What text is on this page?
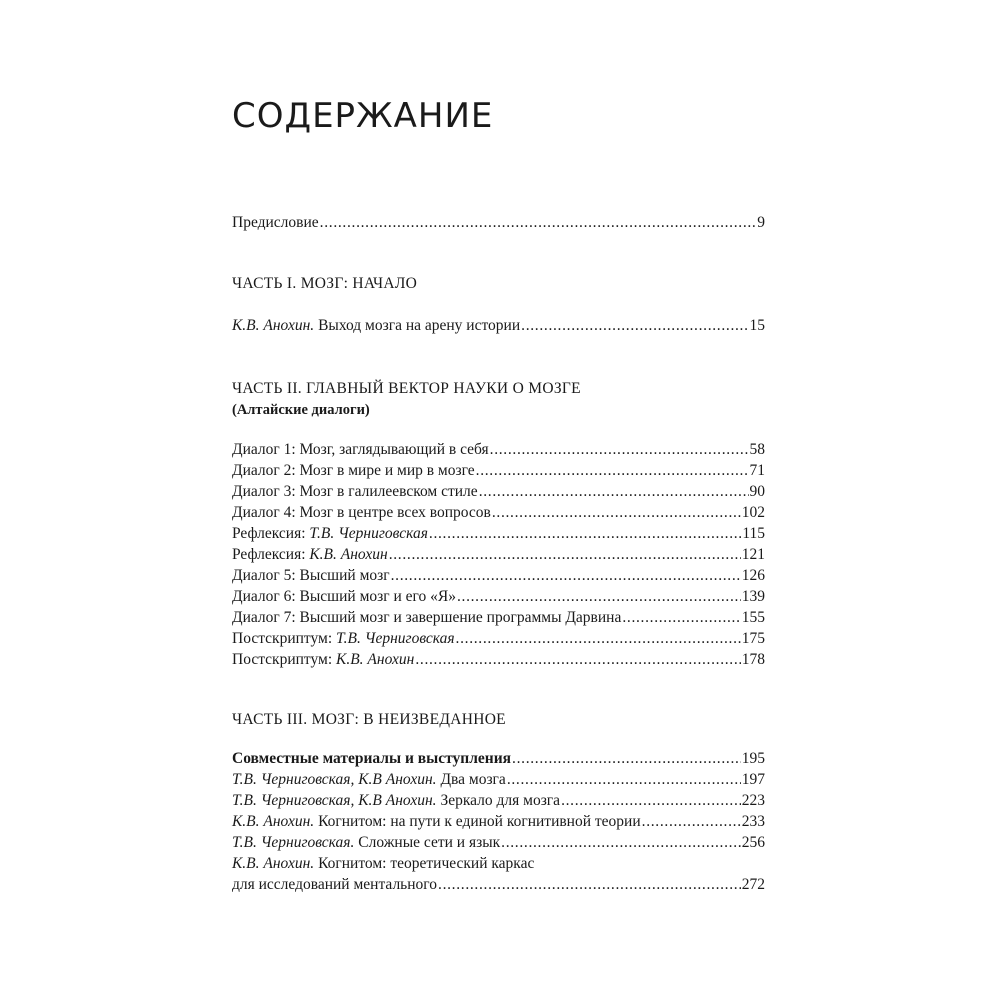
СОДЕРЖАНИЕ
Предисловие . . .	9
ЧАСТЬ I. МОЗГ: НАЧАЛО
К.В. Анохин. Выход мозга на арену истории . . .	15
ЧАСТЬ II. ГЛАВНЫЙ ВЕКТОР НАУКИ О МОЗГЕ
(Алтайские диалоги)
Диалог 1: Мозг, заглядывающий в себя . . .	58
Диалог 2: Мозг в мире и мир в мозге . . .	71
Диалог 3: Мозг в галилеевском стиле . . .	90
Диалог 4: Мозг в центре всех вопросов . . .	102
Рефлексия: Т.В. Черниговская . . .	115
Рефлексия: К.В. Анохин . . .	121
Диалог 5: Высший мозг . . .	126
Диалог 6: Высший мозг и его «Я» . . .	139
Диалог 7: Высший мозг и завершение программы Дарвина . . .	155
Постскриптум: Т.В. Черниговская . . .	175
Постскриптум: К.В. Анохин . . .	178
ЧАСТЬ III. МОЗГ: В НЕИЗВЕДАННОЕ
Совместные материалы и выступления . . .	195
Т.В. Черниговская, К.В Анохин. Два мозга . . .	197
Т.В. Черниговская, К.В Анохин. Зеркало для мозга . . .	223
К.В. Анохин. Когнитом: на пути к единой когнитивной теории . . .	233
Т.В. Черниговская. Сложные сети и язык . . .	256
К.В. Анохин. Когнитом: теоретический каркас
для исследований ментального . . .	272
